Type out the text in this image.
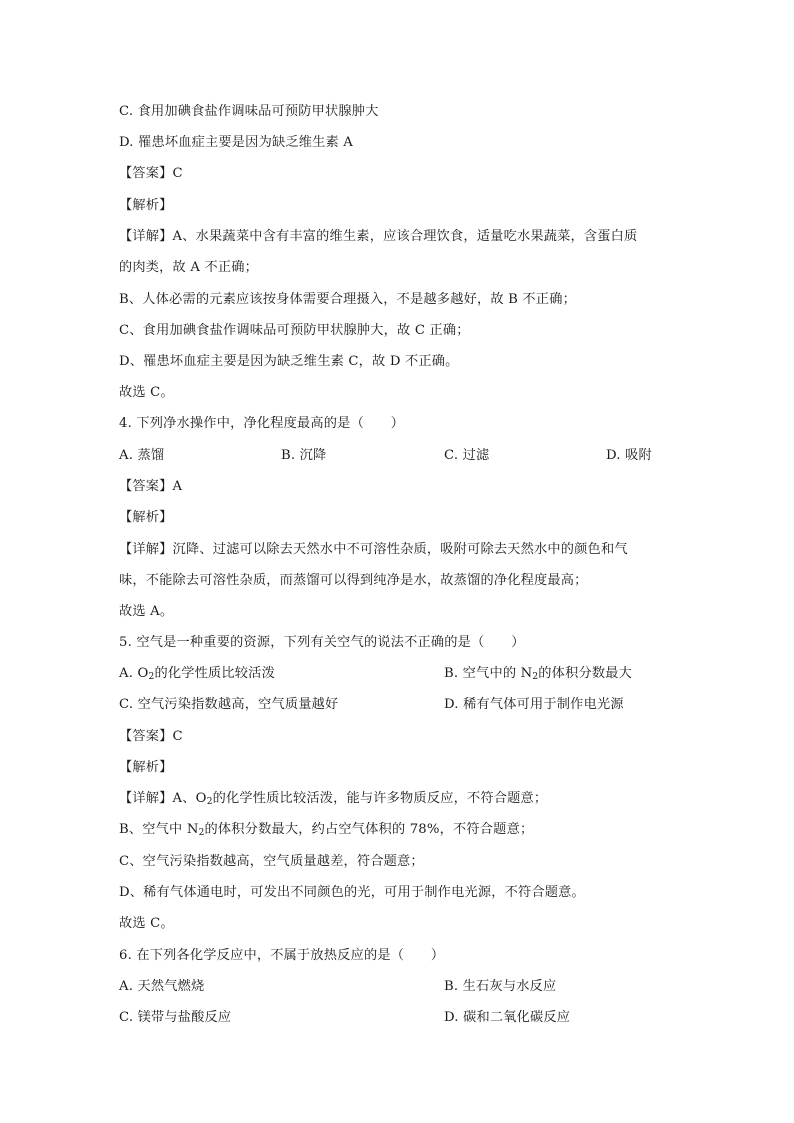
C. 食用加碘食盐作调味品可预防甲状腺肿大
D. 罹患坏血症主要是因为缺乏维生素 A
【答案】C
【解析】
【详解】A、水果蔬菜中含有丰富的维生素，应该合理饮食，适量吃水果蔬菜，含蛋白质
的肉类，故 A 不正确；
B、人体必需的元素应该按身体需要合理摄入，不是越多越好，故 B 不正确；
C、食用加碘食盐作调味品可预防甲状腺肿大，故 C 正确；
D、罹患坏血症主要是因为缺乏维生素 C，故 D 不正确。
故选 C。
4. 下列净水操作中，净化程度最高的是（　　）
A. 蒸馏	B. 沉降	C. 过滤	D. 吸附
【答案】A
【解析】
【详解】沉降、过滤可以除去天然水中不可溶性杂质，吸附可除去天然水中的颜色和气
味，不能除去可溶性杂质，而蒸馏可以得到纯净是水，故蒸馏的净化程度最高；
故选 A。
5. 空气是一种重要的资源，下列有关空气的说法不正确的是（　　）
A. $O_2$的化学性质比较活泼	B. 空气中的 $N_2$的体积分数最大
C. 空气污染指数越高，空气质量越好	D. 稀有气体可用于制作电光源
【答案】C
【解析】
【详解】A、$O_2$的化学性质比较活泼，能与许多物质反应，不符合题意；
B、空气中 $N_2$的体积分数最大，约占空气体积的 78%，不符合题意；
C、空气污染指数越高，空气质量越差，符合题意；
D、稀有气体通电时，可发出不同颜色的光，可用于制作电光源，不符合题意。
故选 C。
6. 在下列各化学反应中，不属于放热反应的是（　　）
A. 天然气燃烧	B. 生石灰与水反应
C. 镁带与盐酸反应	D. 碳和二氧化碳反应
